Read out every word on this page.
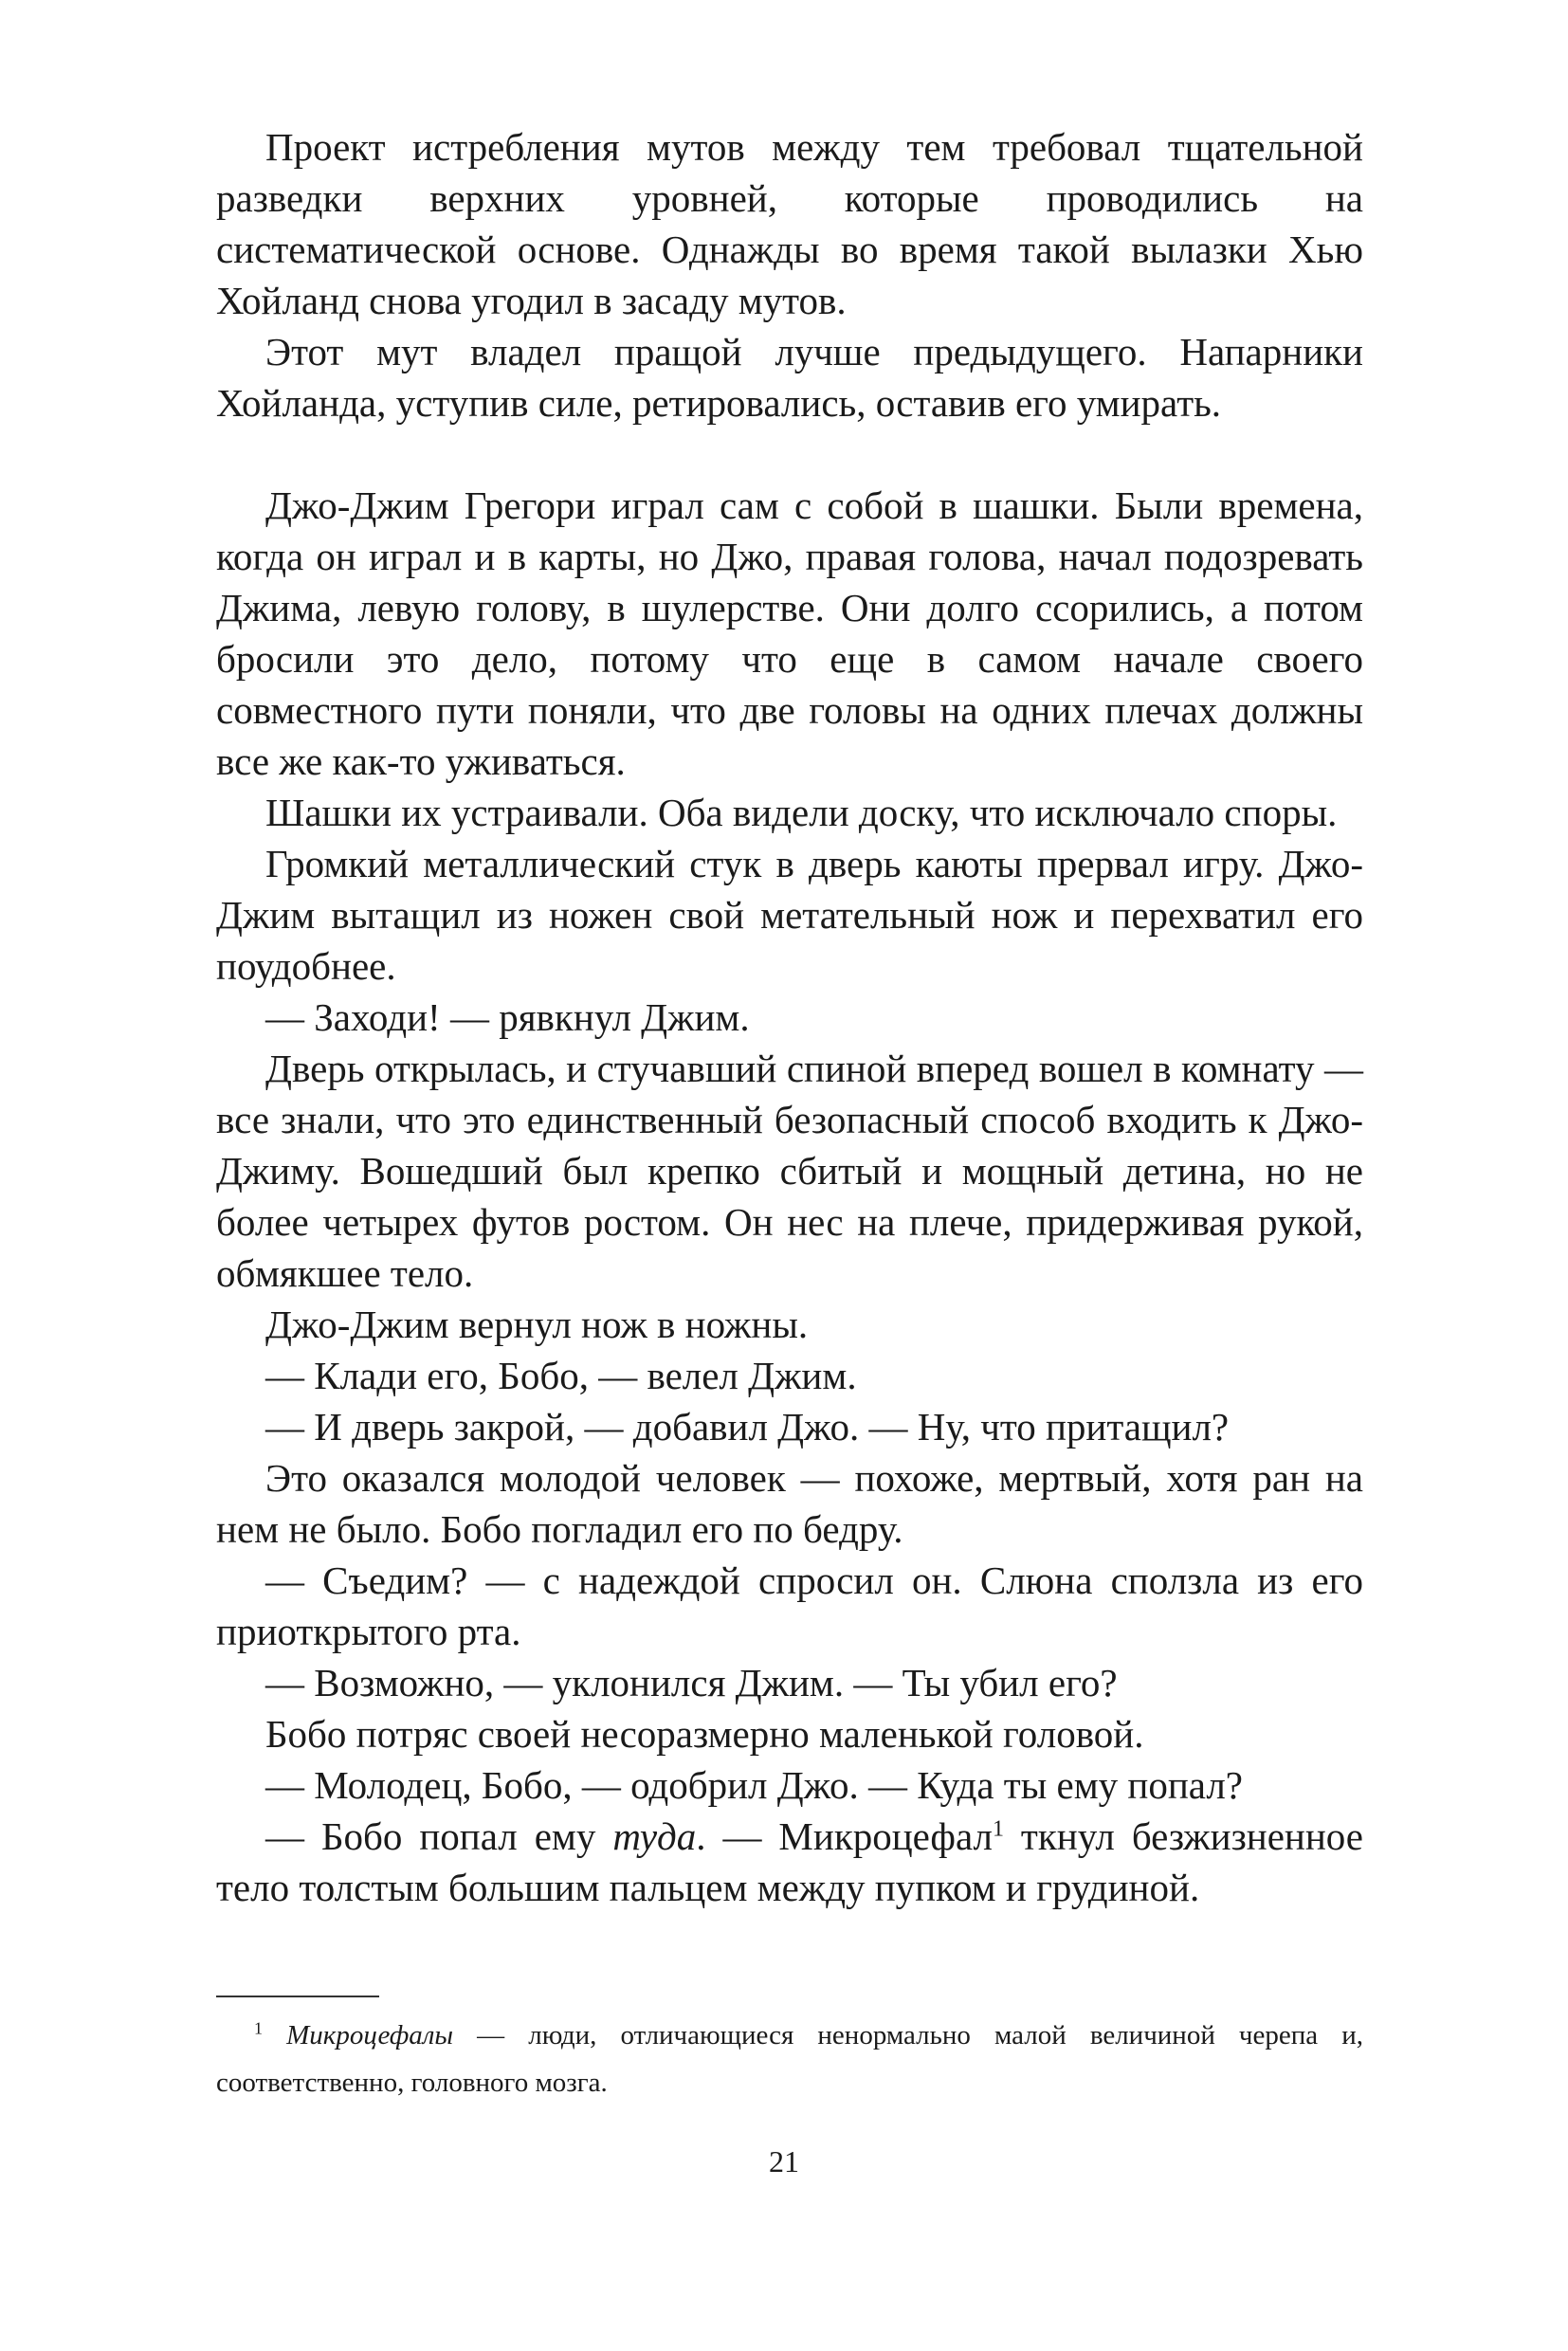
Проект истребления мутов между тем требовал тщательной разведки верхних уровней, которые проводились на систематической основе. Однажды во время такой вылазки Хью Хойланд снова угодил в засаду мутов.

Этот мут владел пращой лучше предыдущего. Напарники Хойланда, уступив силе, ретировались, оставив его умирать.

Джо-Джим Грегори играл сам с собой в шашки. Были времена, когда он играл и в карты, но Джо, правая голова, начал подозревать Джима, левую голову, в шулерстве. Они долго ссорились, а потом бросили это дело, потому что еще в самом начале своего совместного пути поняли, что две головы на одних плечах должны все же как-то уживаться.

Шашки их устраивали. Оба видели доску, что исключало споры.

Громкий металлический стук в дверь каюты прервал игру. Джо-Джим вытащил из ножен свой метательный нож и перехватил его поудобнее.

— Заходи! — рявкнул Джим.

Дверь открылась, и стучавший спиной вперед вошел в комнату — все знали, что это единственный безопасный способ входить к Джо-Джиму. Вошедший был крепко сбитый и мощный детина, но не более четырех футов ростом. Он нес на плече, придерживая рукой, обмякшее тело.

Джо-Джим вернул нож в ножны.

— Клади его, Бобо, — велел Джим.

— И дверь закрой, — добавил Джо. — Ну, что притащил?

Это оказался молодой человек — похоже, мертвый, хотя ран на нем не было. Бобо погладил его по бедру.

— Съедим? — с надеждой спросил он. Слюна сползла из его приоткрытого рта.

— Возможно, — уклонился Джим. — Ты убил его?

Бобо потряс своей несоразмерно маленькой головой.

— Молодец, Бобо, — одобрил Джо. — Куда ты ему попал?

— Бобо попал ему туда. — Микроцефал$^1$ ткнул безжизненное тело толстым большим пальцем между пупком и грудиной.

$^1$ Микроцефалы — люди, отличающиеся ненормально малой величиной черепа и, соответственно, головного мозга.

21
